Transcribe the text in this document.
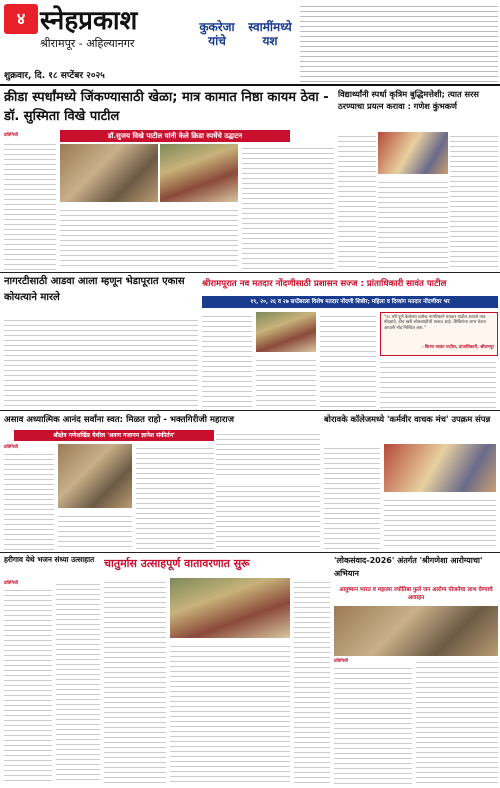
४ स्नेहप्रकाश
श्रीरामपूर - अहिल्यानगर
कुकरेजा यांचे
स्वामींमध्ये यश
शुक्रवार, दि. १८ सप्टेंबर २०२५
क्रीडा स्पर्धांमध्ये जिंकण्यासाठी खेळा; मात्र कामात निष्ठा कायम ठेवा - डॉ. सुस्मिता विखे पाटील
डॉ.सुजय विखे पाटील यांनी केले क्रिडा स्पर्धेचे उद्घाटन
प्रतिनिधी
विद्यार्थ्यांनी स्पर्धा कृत्रिम बुद्धिमत्तेशी; त्यात सरस ठरण्याचा प्रयत्न करावा : गणेश कुंभकर्ण
नागरटीसाठी आडवा आला म्हणून भेडापूरात एकास कोयत्याने मारले
श्रीरामपूरात नव मतदार नोंदणीसाठी प्रशासन सज्ज : प्रांताधिकारी सावंत पाटील
१९, २०, २६ व २७ सप्टेंबरला विशेष मतदार नोंदणी शिबीर; महिला व दिव्यांग मतदार नोंदणीवर भर
"१८ वर्षे पूर्ण केलेल्या प्रत्येक नागरिकाने मतदार यादीत आपले नाव नोंदवावे, हीच खरी लोकशाहीची ताकद आहे. शिबिरांचा लाभ घेऊन आपली नोंद निश्चित करा."
- किरण सावंत पाटील, प्रांताधिकारी, श्रीरामपूर
असाव अध्यात्मिक आनंद सर्वांना स्वत: मिळत राहो - भक्तगिरीजी महाराज
श्रीक्षेत्र गणेशखिंड येथील 'श्रवण गजानन ज्ञानेश संकीर्तन'
प्रतिनिधी
बोरावके कॉलेजमध्ये 'कर्मवीर वाचक मंच' उपक्रम संपन्न
हरीगाव येथे भजन संध्या उत्साहात
प्रतिनिधी
चातुर्मास उत्साहपूर्ण वातावरणात सुरू	'लोकसंवाद-2026' अंतर्गत 'श्रीगणेशा आरोग्याचा' अभियान
आयुष्मान भारत व महात्मा ज्योतिबा फुले जन आरोग्य योजनेचा लाभ घेण्याचे आवाहन
प्रतिनिधी
